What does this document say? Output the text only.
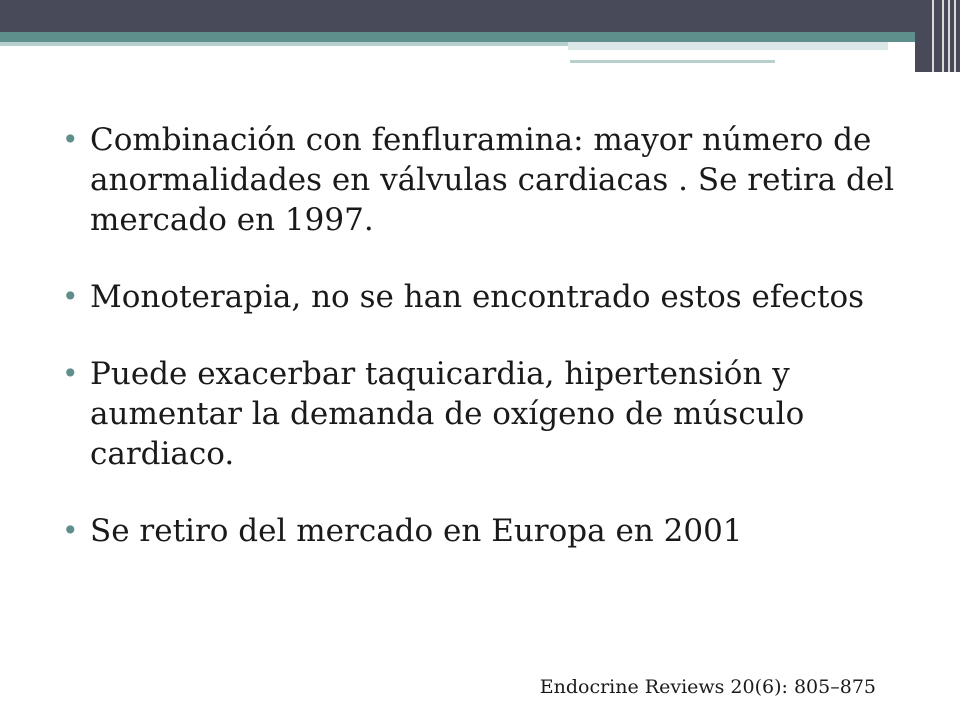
• Combinación con fenfluramina: mayor número de anormalidades en válvulas cardiacas . Se retira del mercado en 1997.
• Monoterapia, no se han encontrado estos efectos
• Puede exacerbar taquicardia, hipertensión y aumentar la demanda de oxígeno de músculo cardiaco.
• Se retiro del mercado en Europa en 2001
Endocrine Reviews 20(6): 805–875
